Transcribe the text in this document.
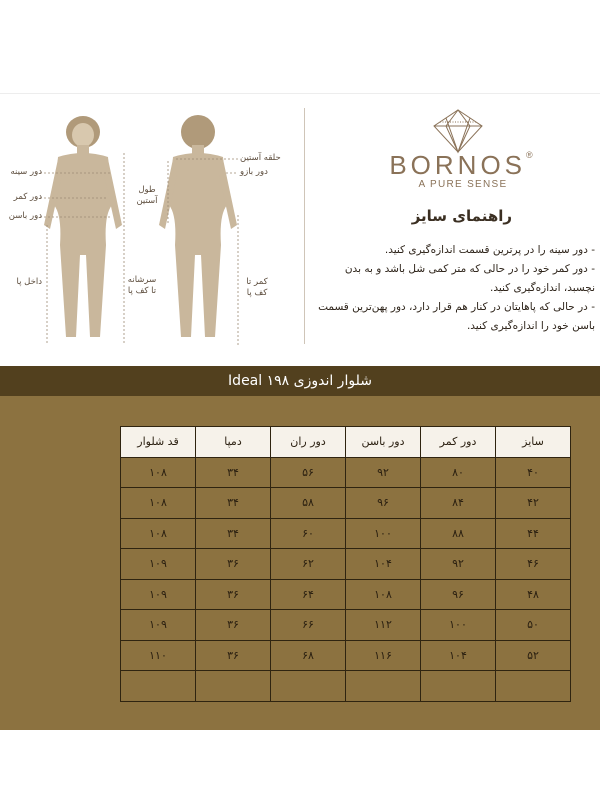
دور سینه
دور کمر
دور باسن
داخل پا	سرشانه تا کف پا
حلقه آستین
دور بازو
طول آستین
کمر تا کف پا
BORNOS®
A PURE SENSE
راهنمای سایز

- دور سینه را در پرترین قسمت اندازه‌گیری کنید.

- دور کمر خود را در حالی که متر کمی شل باشد و به بدن نچسبد، اندازه‌گیری کنید.

- در حالی که پاهایتان در کنار هم قرار دارد، دور پهن‌ترین قسمت باسن خود را اندازه‌گیری کنید.

شلوار اندوزی ۱۹۸ Ideal
سایز	دور کمر	دور باسن	دور ران	دمپا	قد شلوار
۴۰	۸۰	۹۲	۵۶	۳۴	۱۰۸
۴۲	۸۴	۹۶	۵۸	۳۴	۱۰۸
۴۴	۸۸	۱۰۰	۶۰	۳۴	۱۰۸
۴۶	۹۲	۱۰۴	۶۲	۳۶	۱۰۹
۴۸	۹۶	۱۰۸	۶۴	۳۶	۱۰۹
۵۰	۱۰۰	۱۱۲	۶۶	۳۶	۱۰۹
۵۲	۱۰۴	۱۱۶	۶۸	۳۶	۱۱۰
